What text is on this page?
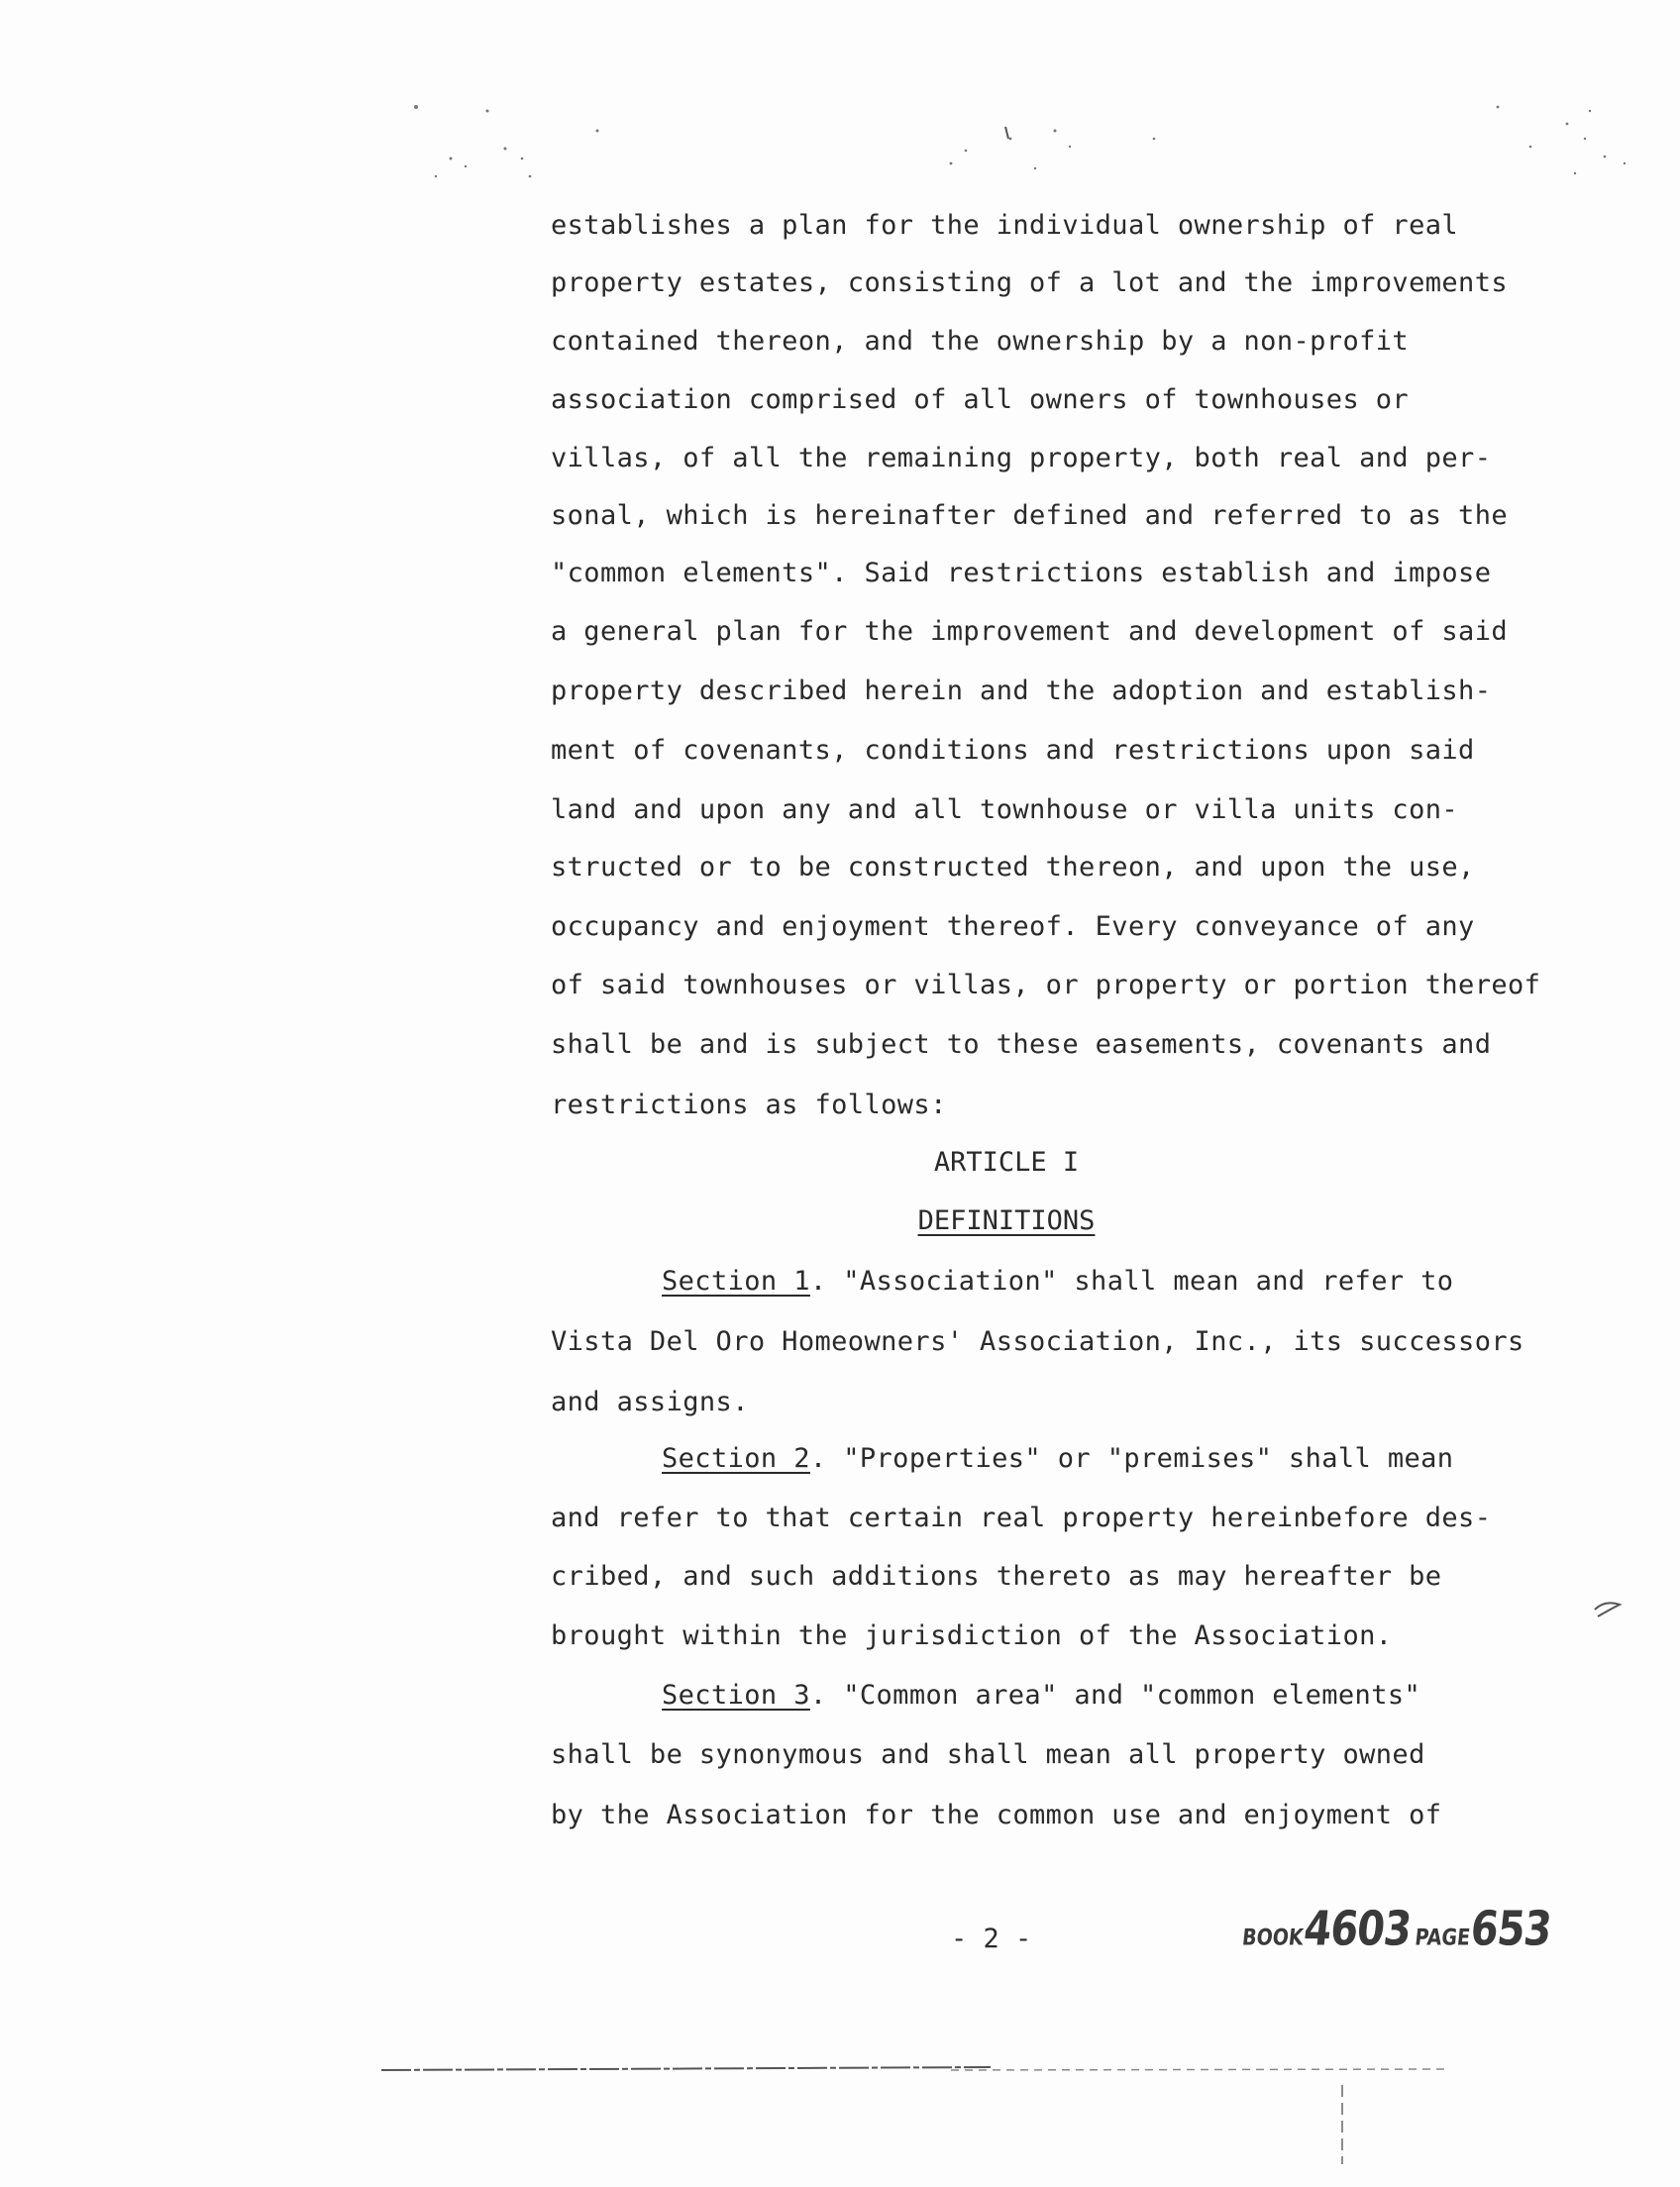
establishes a plan for the individual ownership of real
property estates, consisting of a lot and the improvements
contained thereon, and the ownership by a non-profit
association comprised of all owners of townhouses or
villas, of all the remaining property, both real and per-
sonal, which is hereinafter defined and referred to as the
"common elements". Said restrictions establish and impose
a general plan for the improvement and development of said
property described herein and the adoption and establish-
ment of covenants, conditions and restrictions upon said
land and upon any and all townhouse or villa units con-
structed or to be constructed thereon, and upon the use,
occupancy and enjoyment thereof. Every conveyance of any
of said townhouses or villas, or property or portion thereof
shall be and is subject to these easements, covenants and
restrictions as follows:
ARTICLE I
DEFINITIONS
Section 1. "Association" shall mean and refer to
Vista Del Oro Homeowners' Association, Inc., its successors
and assigns.
Section 2. "Properties" or "premises" shall mean
and refer to that certain real property hereinbefore des-
cribed, and such additions thereto as may hereafter be
brought within the jurisdiction of the Association.
Section 3. "Common area" and "common elements"
shall be synonymous and shall mean all property owned
by the Association for the common use and enjoyment of
- 2 -	BOOK4603 PAGE653
